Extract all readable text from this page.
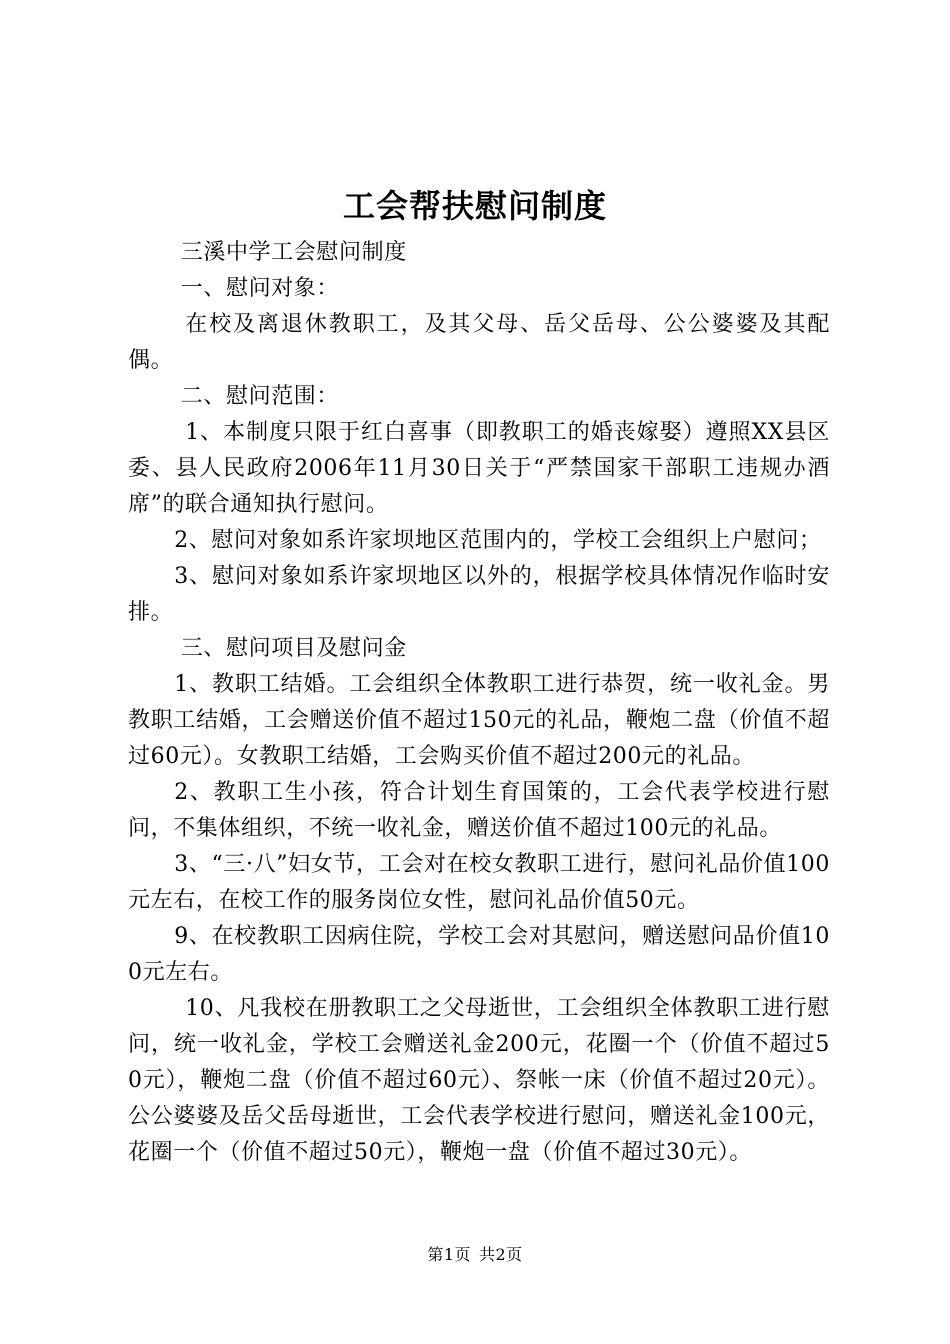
工会帮扶慰问制度

三溪中学工会慰问制度

一、慰问对象：

在校及离退休教职工，及其父母、岳父岳母、公公婆婆及其配偶。

二、慰问范围：

1、本制度只限于红白喜事（即教职工的婚丧嫁娶）遵照XX县区委、县人民政府2006年11月30日关于“严禁国家干部职工违规办酒席”的联合通知执行慰问。

2、慰问对象如系许家坝地区范围内的，学校工会组织上户慰问；

3、慰问对象如系许家坝地区以外的，根据学校具体情况作临时安排。

三、慰问项目及慰问金

1、教职工结婚。工会组织全体教职工进行恭贺，统一收礼金。男教职工结婚，工会赠送价值不超过150元的礼品，鞭炮二盘（价值不超过60元）。女教职工结婚，工会购买价值不超过200元的礼品。

2、教职工生小孩，符合计划生育国策的，工会代表学校进行慰问，不集体组织，不统一收礼金，赠送价值不超过100元的礼品。

3、“三·八”妇女节，工会对在校女教职工进行，慰问礼品价值100元左右，在校工作的服务岗位女性，慰问礼品价值50元。

9、在校教职工因病住院，学校工会对其慰问，赠送慰问品价值100元左右。

10、凡我校在册教职工之父母逝世，工会组织全体教职工进行慰问，统一收礼金，学校工会赠送礼金200元，花圈一个（价值不超过50元），鞭炮二盘（价值不超过60元）、祭帐一床（价值不超过20元）。公公婆婆及岳父岳母逝世，工会代表学校进行慰问，赠送礼金100元，花圈一个（价值不超过50元），鞭炮一盘（价值不超过30元）。

第1页 共2页
